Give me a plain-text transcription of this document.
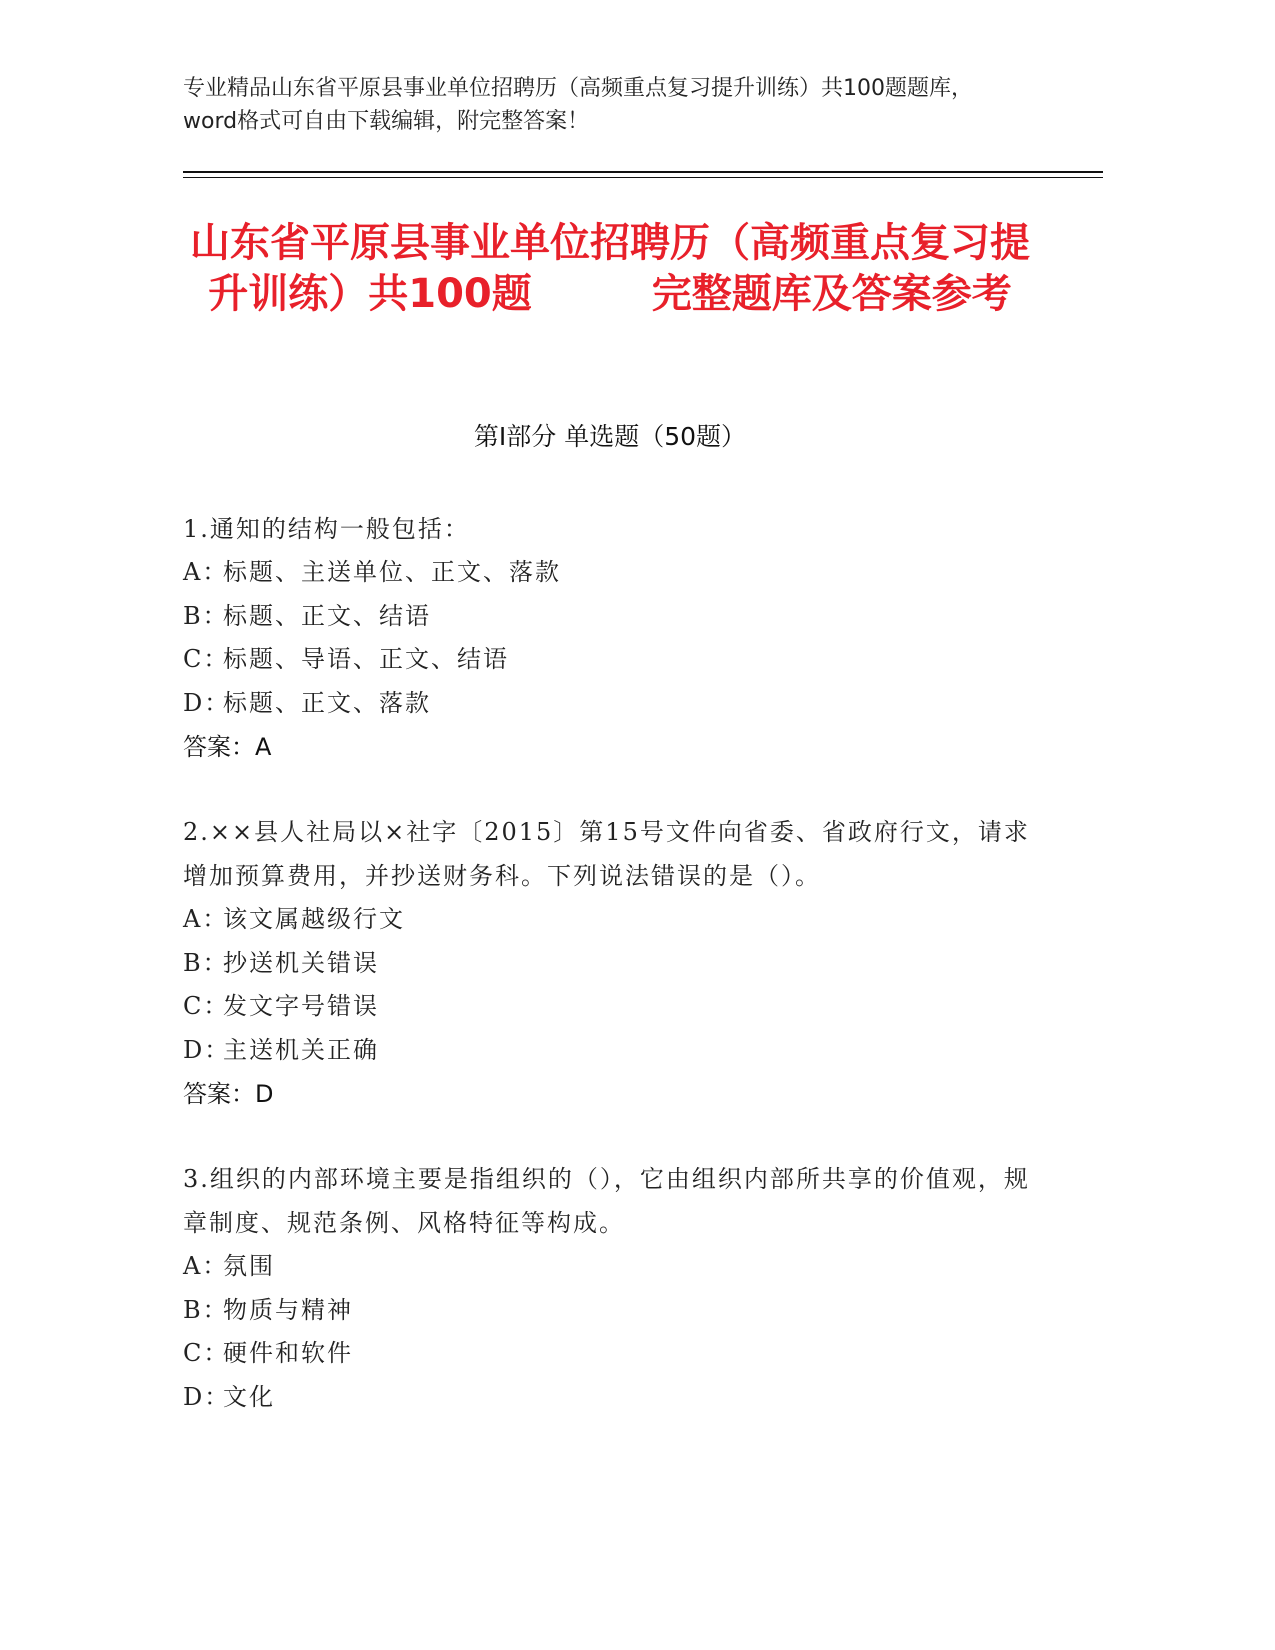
专业精品山东省平原县事业单位招聘历（高频重点复习提升训练）共100题题库，word格式可自由下载编辑，附完整答案！
山东省平原县事业单位招聘历（高频重点复习提升训练）共100题　　　完整题库及答案参考
第Ⅰ部分 单选题（50题）
1.通知的结构一般包括：
A：标题、主送单位、正文、落款
B：标题、正文、结语
C：标题、导语、正文、结语
D：标题、正文、落款
答案：A
2.××县人社局以×社字〔2015〕第15号文件向省委、省政府行文，请求增加预算费用，并抄送财务科。下列说法错误的是（）。
A：该文属越级行文
B：抄送机关错误
C：发文字号错误
D：主送机关正确
答案：D
3.组织的内部环境主要是指组织的（），它由组织内部所共享的价值观，规章制度、规范条例、风格特征等构成。
A：氛围
B：物质与精神
C：硬件和软件
D：文化
